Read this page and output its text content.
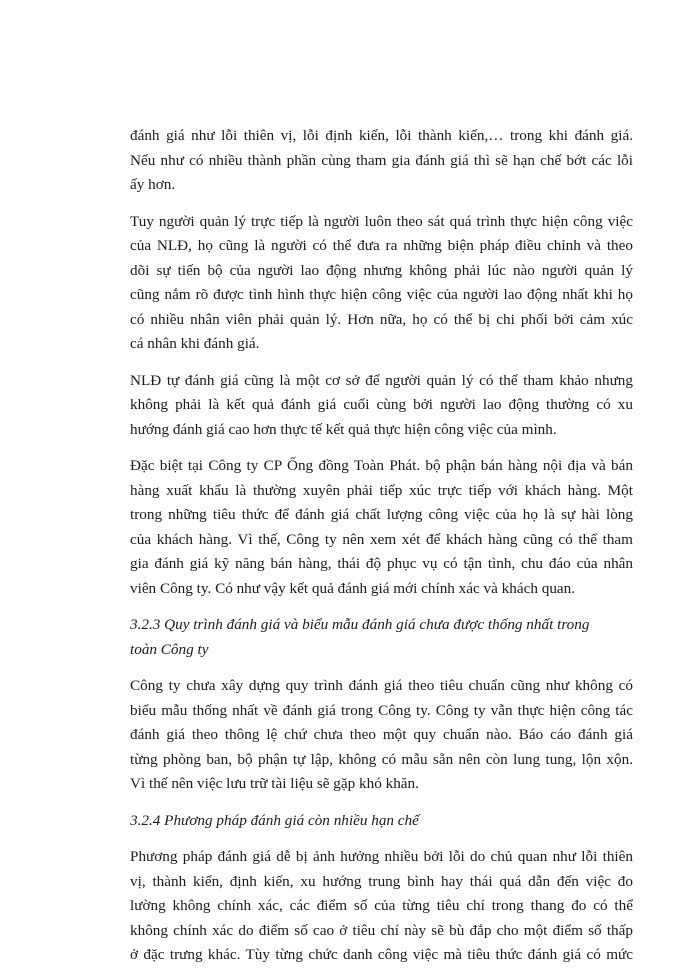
đánh giá như lỗi thiên vị, lỗi định kiến, lỗi thành kiến,… trong khi đánh giá.
Nếu như có nhiều thành phần cùng tham gia đánh giá thì sẽ hạn chế bớt các lỗi
ấy hơn.
Tuy người quản lý trực tiếp là người luôn theo sát quá trình thực hiện công việc
của NLĐ, họ cũng là người có thể đưa ra những biện pháp điều chỉnh và theo
dõi sự tiến bộ của người lao động nhưng không phải lúc nào người quản lý
cũng nắm rõ được tình hình thực hiện công việc của người lao động nhất khi họ
có nhiều nhân viên phải quản lý. Hơn nữa, họ có thể bị chi phối bởi cảm xúc
cá nhân khi đánh giá.
NLĐ tự đánh giá cũng là một cơ sở để người quản lý có thể tham khảo nhưng
không phải là kết quả đánh giá cuối cùng bởi người lao động thường có xu
hướng đánh giá cao hơn thực tế kết quả thực hiện công việc của mình.
Đặc biệt tại Công ty CP Ống đồng Toàn Phát. bộ phận bán hàng nội địa và bán
hàng xuất khẩu là thường xuyên phải tiếp xúc trực tiếp với khách hàng. Một
trong những tiêu thức để đánh giá chất lượng công việc của họ là sự hài lòng
của khách hàng. Vì thế, Công ty nên xem xét để khách hàng cũng có thể tham
gia đánh giá kỹ năng bán hàng, thái độ phục vụ có tận tình, chu đáo của nhân
viên Công ty. Có như vậy kết quả đánh giá mới chính xác và khách quan.
3.2.3 Quy trình đánh giá và biểu mẫu đánh giá chưa được thống nhất trong
toàn Công ty
Công ty chưa xây dựng quy trình đánh giá theo tiêu chuẩn cũng như không có
biểu mẫu thống nhất về đánh giá trong Công ty. Công ty vẫn thực hiện công tác
đánh giá theo thông lệ chứ chưa theo một quy chuẩn nào. Báo cáo đánh giá
từng phòng ban, bộ phận tự lập, không có mẫu sẵn nên còn lung tung, lộn xộn.
Vì thế nên việc lưu trữ tài liệu sẽ gặp khó khăn.
3.2.4 Phương pháp đánh giá còn nhiều hạn chế
Phương pháp đánh giá dễ bị ảnh hưởng nhiều bởi lỗi do chủ quan như lỗi thiên
vị, thành kiến, định kiến, xu hướng trung bình hay thái quá dẫn đến việc đo
lường không chính xác, các điểm số của từng tiêu chí trong thang đo có thể
không chính xác do điểm số cao ở tiêu chí này sẽ bù đắp cho một điểm số thấp
ở đặc trưng khác. Tùy từng chức danh công việc mà tiêu thức đánh giá có mức
